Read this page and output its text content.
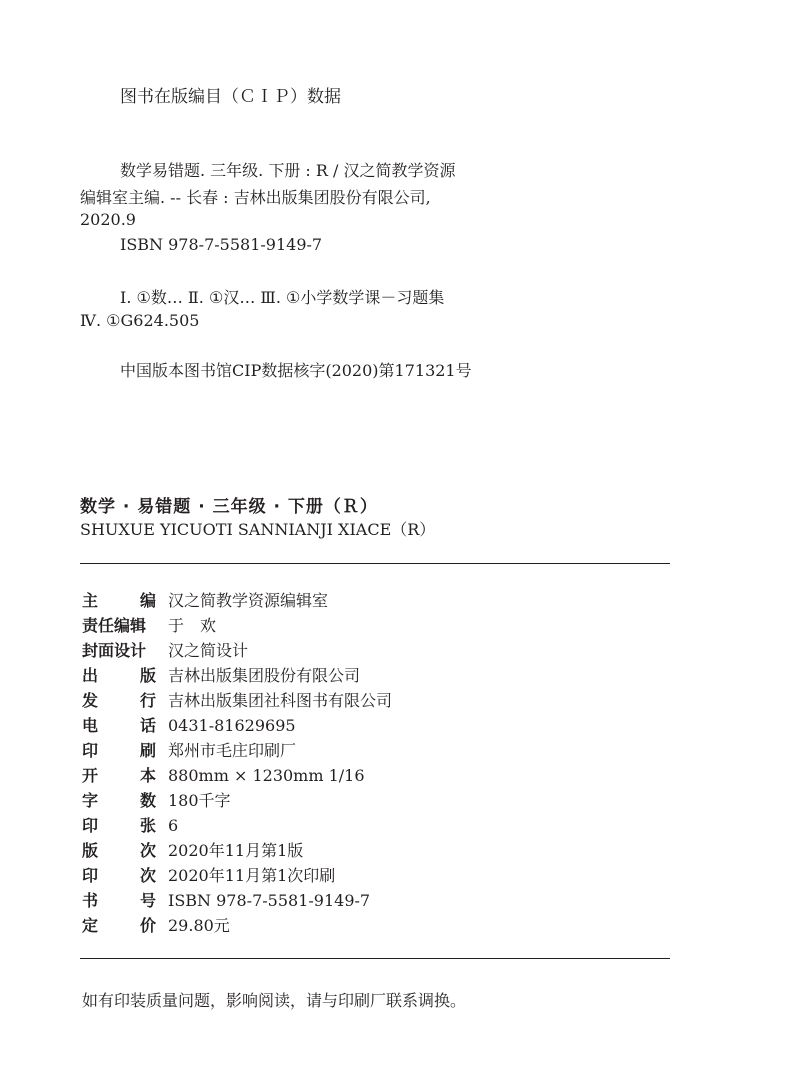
图书在版编目（ＣＩＰ）数据
数学易错题. 三年级. 下册 : R / 汉之简教学资源
编辑室主编. -- 长春 : 吉林出版集团股份有限公司,
2020.9
ISBN 978-7-5581-9149-7
Ⅰ. ①数… Ⅱ. ①汉… Ⅲ. ①小学数学课－习题集
Ⅳ. ①G624.505
中国版本图书馆CIP数据核字(2020)第171321号
数学 · 易错题 · 三年级 · 下册（Ｒ）
SHUXUE YICUOTI SANNIANJI XIACE（R）
主	编 汉之简教学资源编辑室
责任编辑 于　欢
封面设计 汉之简设计
出	版 吉林出版集团股份有限公司
发	行 吉林出版集团社科图书有限公司
电	话 0431-81629695
印	刷 郑州市毛庄印刷厂
开	本 880mm × 1230mm 1/16
字	数 180千字
印	张 6
版	次 2020年11月第1版
印	次 2020年11月第1次印刷
书	号 ISBN 978-7-5581-9149-7
定	价 29.80元
如有印装质量问题，影响阅读，请与印刷厂联系调换。
